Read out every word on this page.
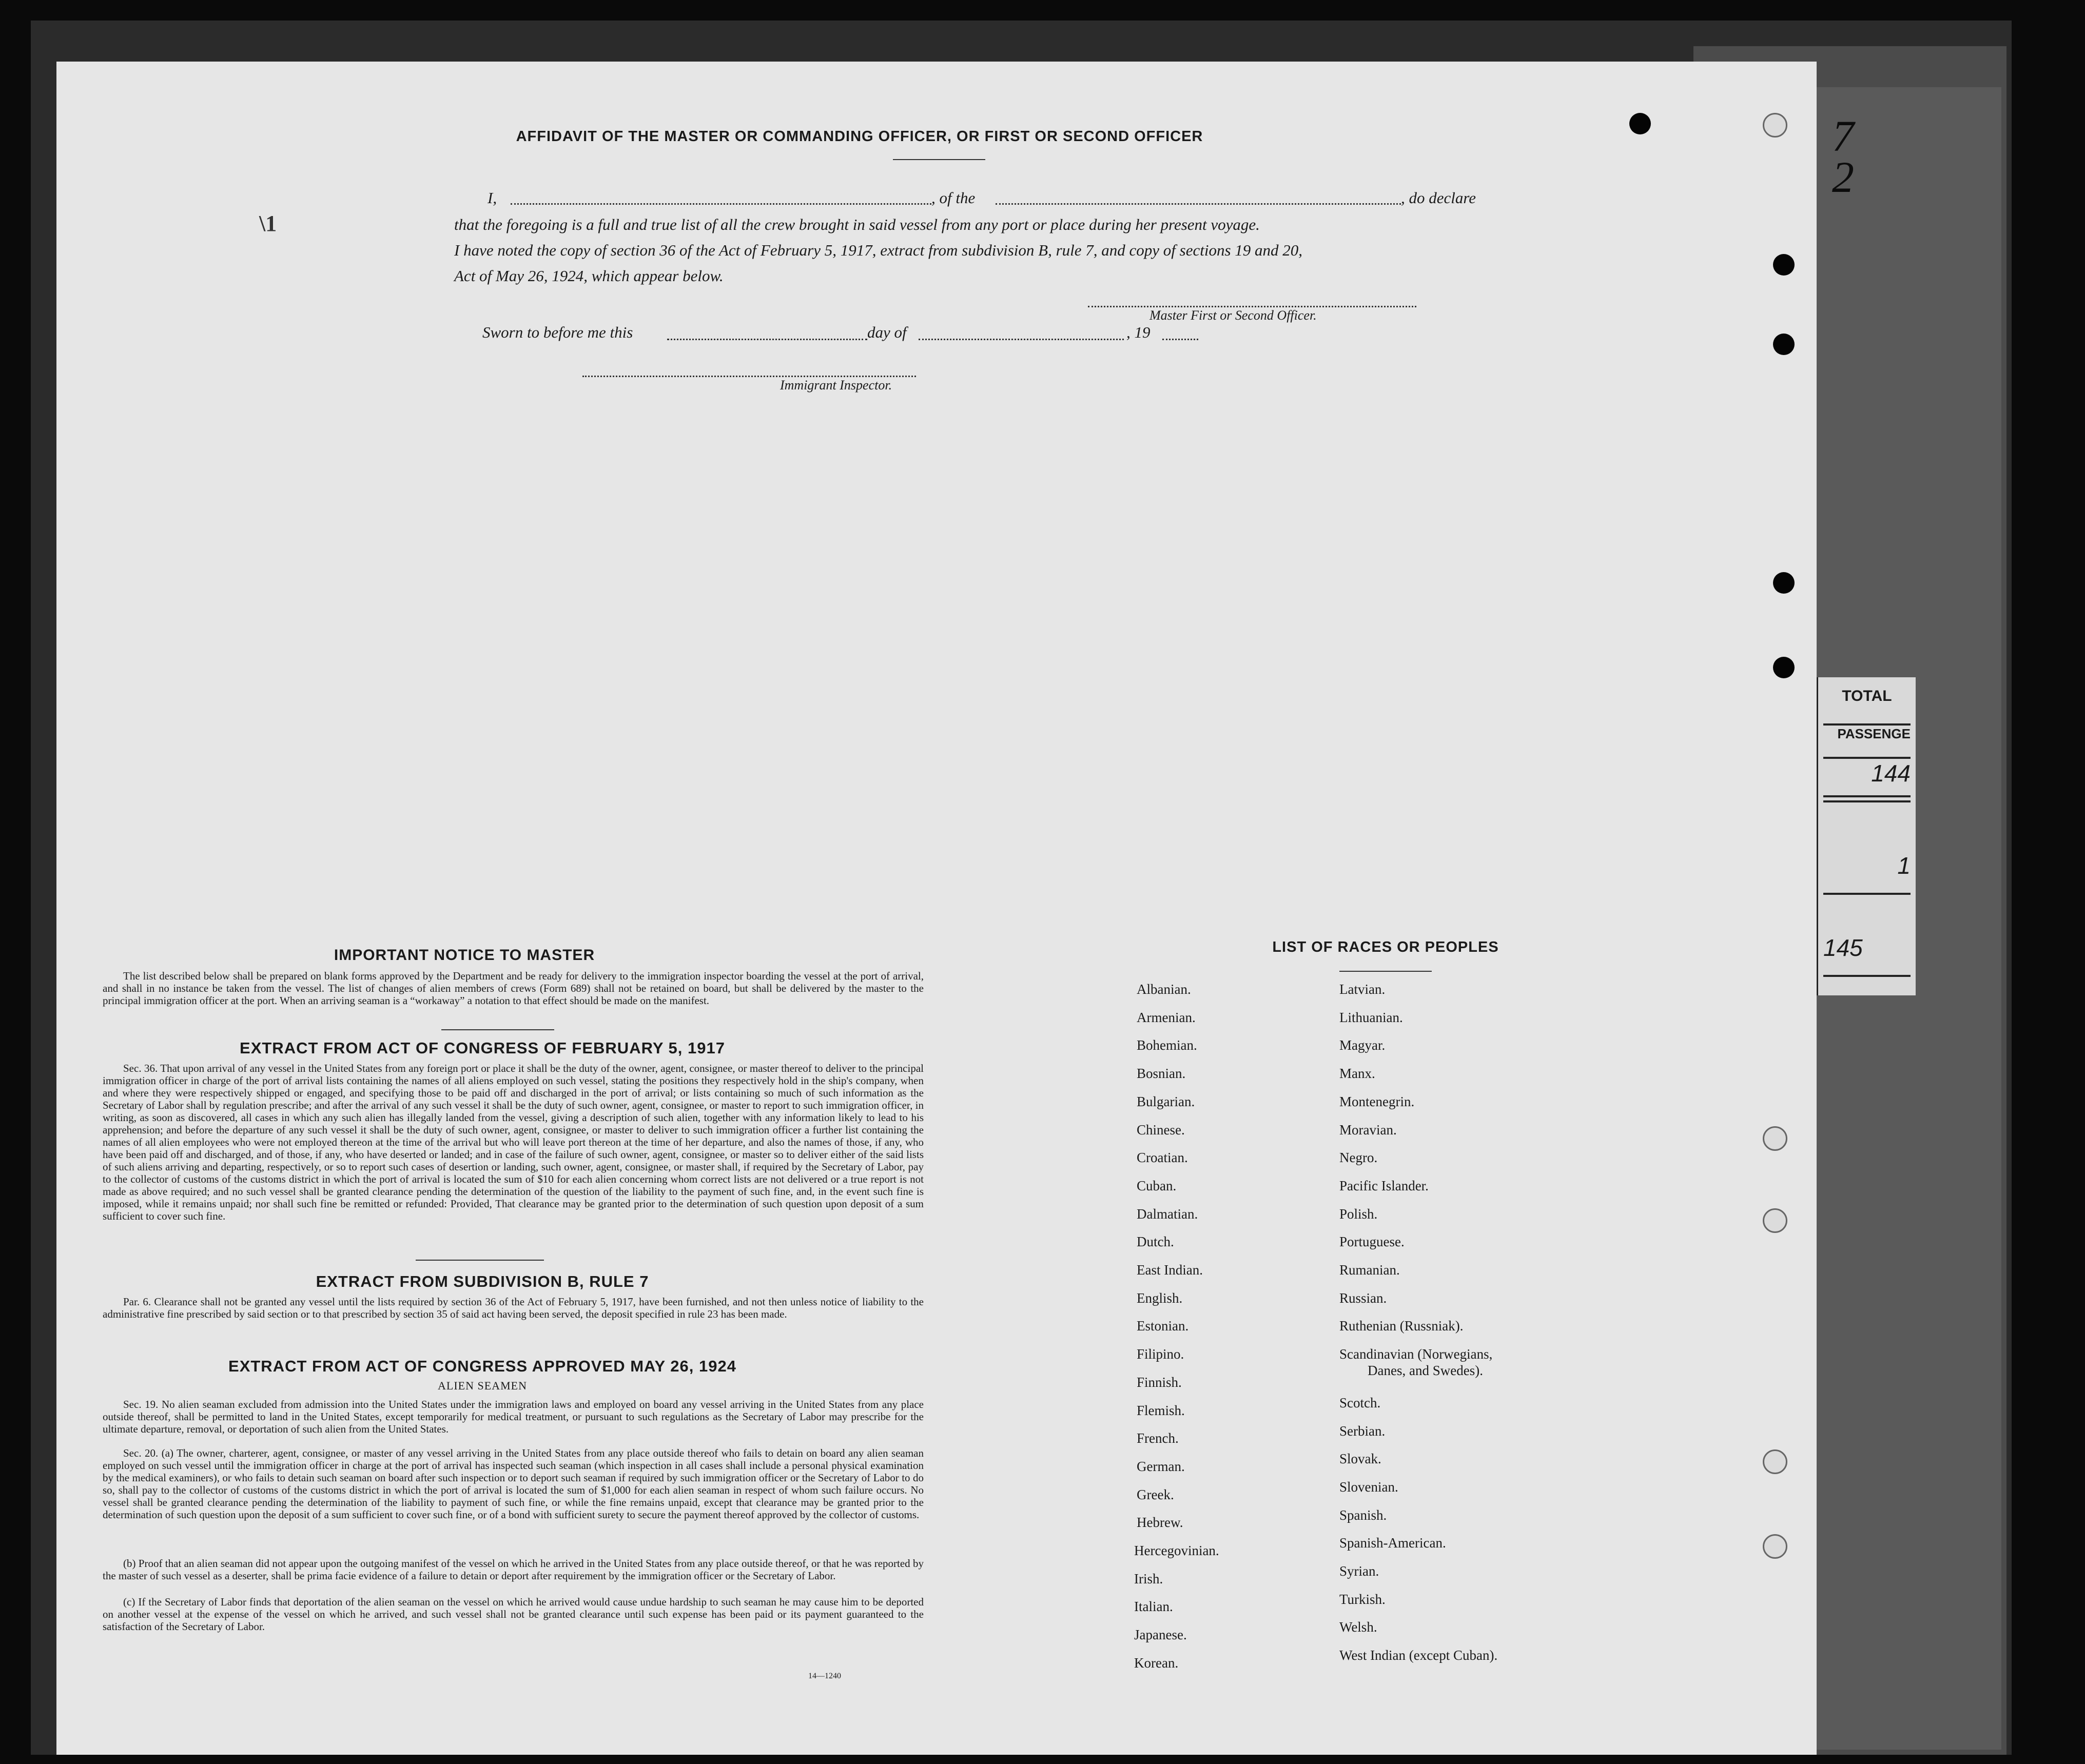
TOTAL
PASSENGE
144
1
145
7
2
\1
AFFIDAVIT OF THE MASTER OR COMMANDING OFFICER, OR FIRST OR SECOND OFFICER
I,	, of the	, do declare
that the foregoing is a full and true list of all the crew brought in said vessel from any port or place during her present voyage.
I have noted the copy of section 36 of the Act of February 5, 1917, extract from subdivision B, rule 7, and copy of sections 19 and 20,
Act of May 26, 1924, which appear below.
Master First or Second Officer.
Sworn to before me this	day of	, 19
Immigrant Inspector.
IMPORTANT NOTICE TO MASTER
The list described below shall be prepared on blank forms approved by the Department and be ready for delivery to the immigration inspector boarding the vessel at the port of arrival, and shall in no instance be taken from the vessel. The list of changes of alien members of crews (Form 689) shall not be retained on board, but shall be delivered by the master to the principal immigration officer at the port. When an arriving seaman is a “workaway” a notation to that effect should be made on the manifest.
EXTRACT FROM ACT OF CONGRESS OF FEBRUARY 5, 1917
Sec. 36. That upon arrival of any vessel in the United States from any foreign port or place it shall be the duty of the owner, agent, consignee, or master thereof to deliver to the principal immigration officer in charge of the port of arrival lists containing the names of all aliens employed on such vessel, stating the positions they respectively hold in the ship's company, when and where they were respectively shipped or engaged, and specifying those to be paid off and discharged in the port of arrival; or lists containing so much of such information as the Secretary of Labor shall by regulation prescribe; and after the arrival of any such vessel it shall be the duty of such owner, agent, consignee, or master to report to such immigration officer, in writing, as soon as discovered, all cases in which any such alien has illegally landed from the vessel, giving a description of such alien, together with any information likely to lead to his apprehension; and before the departure of any such vessel it shall be the duty of such owner, agent, consignee, or master to deliver to such immigration officer a further list containing the names of all alien employees who were not employed thereon at the time of the arrival but who will leave port thereon at the time of her departure, and also the names of those, if any, who have been paid off and discharged, and of those, if any, who have deserted or landed; and in case of the failure of such owner, agent, consignee, or master so to deliver either of the said lists of such aliens arriving and departing, respectively, or so to report such cases of desertion or landing, such owner, agent, consignee, or master shall, if required by the Secretary of Labor, pay to the collector of customs of the customs district in which the port of arrival is located the sum of $10 for each alien concerning whom correct lists are not delivered or a true report is not made as above required; and no such vessel shall be granted clearance pending the determination of the question of the liability to the payment of such fine, and, in the event such fine is imposed, while it remains unpaid; nor shall such fine be remitted or refunded: Provided, That clearance may be granted prior to the determination of such question upon deposit of a sum sufficient to cover such fine.
EXTRACT FROM SUBDIVISION B, RULE 7
Par. 6. Clearance shall not be granted any vessel until the lists required by section 36 of the Act of February 5, 1917, have been furnished, and not then unless notice of liability to the administrative fine prescribed by said section or to that prescribed by section 35 of said act having been served, the deposit specified in rule 23 has been made.
EXTRACT FROM ACT OF CONGRESS APPROVED MAY 26, 1924
ALIEN SEAMEN
Sec. 19. No alien seaman excluded from admission into the United States under the immigration laws and employed on board any vessel arriving in the United States from any place outside thereof, shall be permitted to land in the United States, except temporarily for medical treatment, or pursuant to such regulations as the Secretary of Labor may prescribe for the ultimate departure, removal, or deportation of such alien from the United States.
Sec. 20. (a) The owner, charterer, agent, consignee, or master of any vessel arriving in the United States from any place outside thereof who fails to detain on board any alien seaman employed on such vessel until the immigration officer in charge at the port of arrival has inspected such seaman (which inspection in all cases shall include a personal physical examination by the medical examiners), or who fails to detain such seaman on board after such inspection or to deport such seaman if required by such immigration officer or the Secretary of Labor to do so, shall pay to the collector of customs of the customs district in which the port of arrival is located the sum of $1,000 for each alien seaman in respect of whom such failure occurs. No vessel shall be granted clearance pending the determination of the liability to payment of such fine, or while the fine remains unpaid, except that clearance may be granted prior to the determination of such question upon the deposit of a sum sufficient to cover such fine, or of a bond with sufficient surety to secure the payment thereof approved by the collector of customs.
(b) Proof that an alien seaman did not appear upon the outgoing manifest of the vessel on which he arrived in the United States from any place outside thereof, or that he was reported by the master of such vessel as a deserter, shall be prima facie evidence of a failure to detain or deport after requirement by the immigration officer or the Secretary of Labor.
(c) If the Secretary of Labor finds that deportation of the alien seaman on the vessel on which he arrived would cause undue hardship to such seaman he may cause him to be deported on another vessel at the expense of the vessel on which he arrived, and such vessel shall not be granted clearance until such expense has been paid or its payment guaranteed to the satisfaction of the Secretary of Labor.
14—1240
LIST OF RACES OR PEOPLES
Albanian.
Armenian.
Bohemian.
Bosnian.
Bulgarian.
Chinese.
Croatian.
Cuban.
Dalmatian.
Dutch.
East Indian.
English.
Estonian.
Filipino.
Finnish.
Flemish.
French.
German.
Greek.
Hebrew.
Hercegovinian.
Irish.
Italian.
Japanese.
Korean.
Latvian.
Lithuanian.
Magyar.
Manx.
Montenegrin.
Moravian.
Negro.
Pacific Islander.
Polish.
Portuguese.
Rumanian.
Russian.
Ruthenian (Russniak).
Scandinavian (Norwegians,
Danes, and Swedes).
Scotch.
Serbian.
Slovak.
Slovenian.
Spanish.
Spanish-American.
Syrian.
Turkish.
Welsh.
West Indian (except Cuban).
